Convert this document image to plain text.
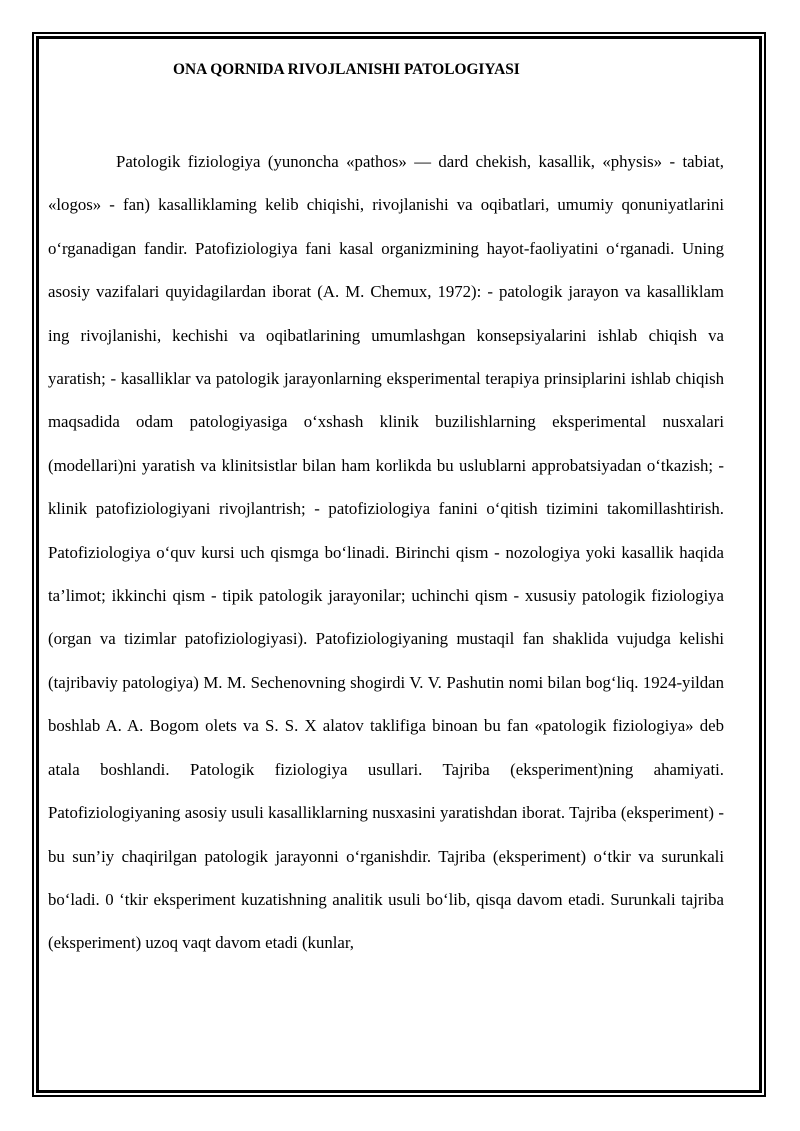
ONA QORNIDA RIVOJLANISHI PATOLOGIYASI

Patologik fiziologiya (yunoncha «pathos» — dard chekish, kasallik, «physis» - tabiat, «logos» - fan) kasalliklaming kelib chiqishi, rivojlanishi va oqibatlari, umumiy qonuniyatlarini oʻrganadigan fandir. Patofiziologiya fani kasal organizmining hayot-faoliyatini oʻrganadi. Uning asosiy vazifalari quyidagilardan iborat (A. M. Chemux, 1972): - patologik jarayon va kasalliklam ing rivojlanishi, kechishi va oqibatlarining umumlashgan konsepsiyalarini ishlab chiqish va yaratish; - kasalliklar va patologik jarayonlarning eksperimental terapiya prinsiplarini ishlab chiqish maqsadida odam patologiyasiga oʻxshash klinik buzilishlarning eksperimental nusxalari (modellari)ni yaratish va klinitsistlar bilan ham korlikda bu uslublarni approbatsiyadan oʻtkazish; - klinik patofiziologiyani rivojlantrish; - patofiziologiya fanini oʻqitish tizimini takomillashtirish. Patofiziologiya oʻquv kursi uch qismga boʻlinadi. Birinchi qism - nozologiya yoki kasallik haqida ta’limot; ikkinchi qism - tipik patologik jarayonilar; uchinchi qism - xususiy patologik fiziologiya (organ va tizimlar patofiziologiyasi). Patofiziologiyaning mustaqil fan shaklida vujudga kelishi (tajribaviy patologiya) M. M. Sechenovning shogirdi V. V. Pashutin nomi bilan bogʻliq. 1924-yildan boshlab A. A. Bogom olets va S. S. X alatov taklifiga binoan bu fan «patologik fiziologiya» deb atala boshlandi. Patologik fiziologiya usullari. Tajriba (eksperiment)ning ahamiyati. Patofiziologiyaning asosiy usuli kasalliklarning nusxasini yaratishdan iborat. Tajriba (eksperiment) - bu sun’iy chaqirilgan patologik jarayonni oʻrganishdir. Tajriba (eksperiment) oʻtkir va surunkali boʻladi. 0 ‘tkir eksperiment kuzatishning analitik usuli boʻlib, qisqa davom etadi. Surunkali tajriba (eksperiment) uzoq vaqt davom etadi (kunlar,
